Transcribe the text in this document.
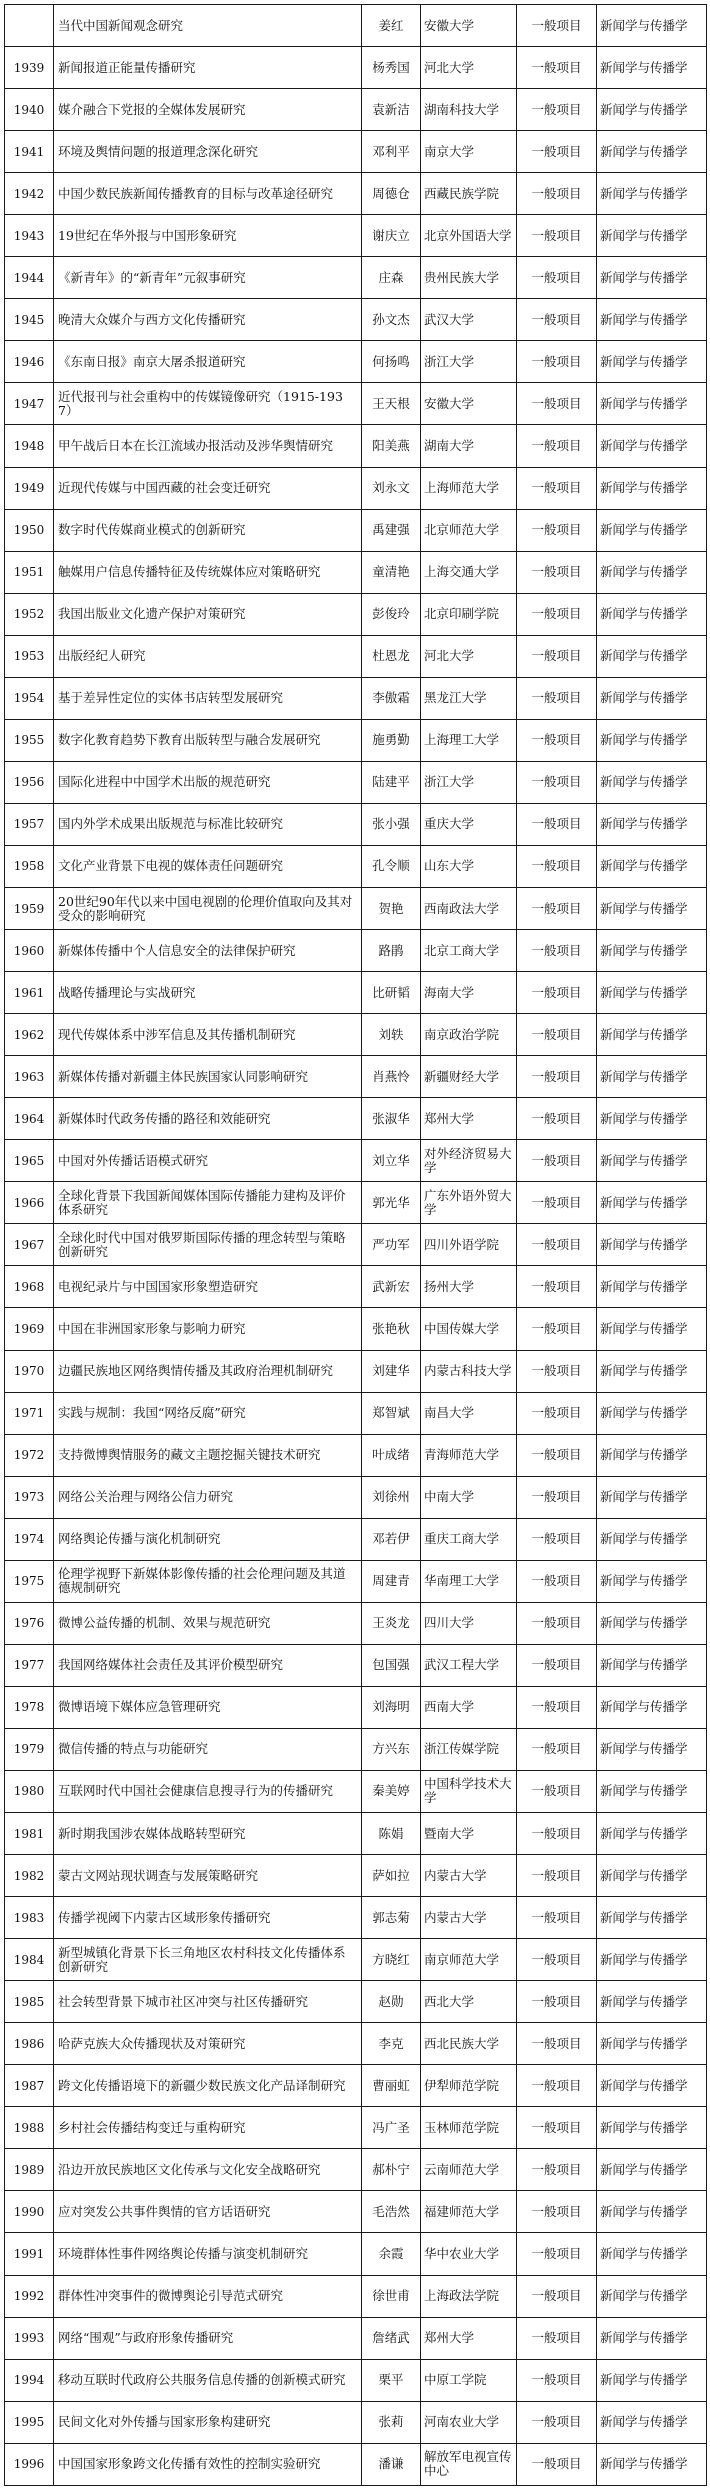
	当代中国新闻观念研究	姜红	安徽大学	一般项目	新闻学与传播学
1939	新闻报道正能量传播研究	杨秀国	河北大学	一般项目	新闻学与传播学
1940	媒介融合下党报的全媒体发展研究	袁新洁	湖南科技大学	一般项目	新闻学与传播学
1941	环境及舆情问题的报道理念深化研究	邓利平	南京大学	一般项目	新闻学与传播学
1942	中国少数民族新闻传播教育的目标与改革途径研究	周德仓	西藏民族学院	一般项目	新闻学与传播学
1943	19世纪在华外报与中国形象研究	谢庆立	北京外国语大学	一般项目	新闻学与传播学
1944	《新青年》的“新青年”元叙事研究	庄森	贵州民族大学	一般项目	新闻学与传播学
1945	晚清大众媒介与西方文化传播研究	孙文杰	武汉大学	一般项目	新闻学与传播学
1946	《东南日报》南京大屠杀报道研究	何扬鸣	浙江大学	一般项目	新闻学与传播学
1947	近代报刊与社会重构中的传媒镜像研究（1915-1937）	王天根	安徽大学	一般项目	新闻学与传播学
1948	甲午战后日本在长江流域办报活动及涉华舆情研究	阳美燕	湖南大学	一般项目	新闻学与传播学
1949	近现代传媒与中国西藏的社会变迁研究	刘永文	上海师范大学	一般项目	新闻学与传播学
1950	数字时代传媒商业模式的创新研究	禹建强	北京师范大学	一般项目	新闻学与传播学
1951	触媒用户信息传播特征及传统媒体应对策略研究	童清艳	上海交通大学	一般项目	新闻学与传播学
1952	我国出版业文化遗产保护对策研究	彭俊玲	北京印刷学院	一般项目	新闻学与传播学
1953	出版经纪人研究	杜恩龙	河北大学	一般项目	新闻学与传播学
1954	基于差异性定位的实体书店转型发展研究	李傲霜	黑龙江大学	一般项目	新闻学与传播学
1955	数字化教育趋势下教育出版转型与融合发展研究	施勇勤	上海理工大学	一般项目	新闻学与传播学
1956	国际化进程中中国学术出版的规范研究	陆建平	浙江大学	一般项目	新闻学与传播学
1957	国内外学术成果出版规范与标准比较研究	张小强	重庆大学	一般项目	新闻学与传播学
1958	文化产业背景下电视的媒体责任问题研究	孔令顺	山东大学	一般项目	新闻学与传播学
1959	20世纪90年代以来中国电视剧的伦理价值取向及其对受众的影响研究	贺艳	西南政法大学	一般项目	新闻学与传播学
1960	新媒体传播中个人信息安全的法律保护研究	路鹃	北京工商大学	一般项目	新闻学与传播学
1961	战略传播理论与实战研究	比研韬	海南大学	一般项目	新闻学与传播学
1962	现代传媒体系中涉军信息及其传播机制研究	刘轶	南京政治学院	一般项目	新闻学与传播学
1963	新媒体传播对新疆主体民族国家认同影响研究	肖燕怜	新疆财经大学	一般项目	新闻学与传播学
1964	新媒体时代政务传播的路径和效能研究	张淑华	郑州大学	一般项目	新闻学与传播学
1965	中国对外传播话语模式研究	刘立华	对外经济贸易大学	一般项目	新闻学与传播学
1966	全球化背景下我国新闻媒体国际传播能力建构及评价体系研究	郭光华	广东外语外贸大学	一般项目	新闻学与传播学
1967	全球化时代中国对俄罗斯国际传播的理念转型与策略创新研究	严功军	四川外语学院	一般项目	新闻学与传播学
1968	电视纪录片与中国国家形象塑造研究	武新宏	扬州大学	一般项目	新闻学与传播学
1969	中国在非洲国家形象与影响力研究	张艳秋	中国传媒大学	一般项目	新闻学与传播学
1970	边疆民族地区网络舆情传播及其政府治理机制研究	刘建华	内蒙古科技大学	一般项目	新闻学与传播学
1971	实践与规制：我国“网络反腐”研究	郑智斌	南昌大学	一般项目	新闻学与传播学
1972	支持微博舆情服务的藏文主题挖掘关键技术研究	叶成绪	青海师范大学	一般项目	新闻学与传播学
1973	网络公关治理与网络公信力研究	刘徐州	中南大学	一般项目	新闻学与传播学
1974	网络舆论传播与演化机制研究	邓若伊	重庆工商大学	一般项目	新闻学与传播学
1975	伦理学视野下新媒体影像传播的社会伦理问题及其道德规制研究	周建青	华南理工大学	一般项目	新闻学与传播学
1976	微博公益传播的机制、效果与规范研究	王炎龙	四川大学	一般项目	新闻学与传播学
1977	我国网络媒体社会责任及其评价模型研究	包国强	武汉工程大学	一般项目	新闻学与传播学
1978	微博语境下媒体应急管理研究	刘海明	西南大学	一般项目	新闻学与传播学
1979	微信传播的特点与功能研究	方兴东	浙江传媒学院	一般项目	新闻学与传播学
1980	互联网时代中国社会健康信息搜寻行为的传播研究	秦美婷	中国科学技术大学	一般项目	新闻学与传播学
1981	新时期我国涉农媒体战略转型研究	陈娟	暨南大学	一般项目	新闻学与传播学
1982	蒙古文网站现状调查与发展策略研究	萨如拉	内蒙古大学	一般项目	新闻学与传播学
1983	传播学视阈下内蒙古区域形象传播研究	郭志菊	内蒙古大学	一般项目	新闻学与传播学
1984	新型城镇化背景下长三角地区农村科技文化传播体系创新研究	方晓红	南京师范大学	一般项目	新闻学与传播学
1985	社会转型背景下城市社区冲突与社区传播研究	赵勋	西北大学	一般项目	新闻学与传播学
1986	哈萨克族大众传播现状及对策研究	李克	西北民族大学	一般项目	新闻学与传播学
1987	跨文化传播语境下的新疆少数民族文化产品译制研究	曹丽虹	伊犁师范学院	一般项目	新闻学与传播学
1988	乡村社会传播结构变迁与重构研究	冯广圣	玉林师范学院	一般项目	新闻学与传播学
1989	沿边开放民族地区文化传承与文化安全战略研究	郝朴宁	云南师范大学	一般项目	新闻学与传播学
1990	应对突发公共事件舆情的官方话语研究	毛浩然	福建师范大学	一般项目	新闻学与传播学
1991	环境群体性事件网络舆论传播与演变机制研究	余霞	华中农业大学	一般项目	新闻学与传播学
1992	群体性冲突事件的微博舆论引导范式研究	徐世甫	上海政法学院	一般项目	新闻学与传播学
1993	网络“围观”与政府形象传播研究	詹绪武	郑州大学	一般项目	新闻学与传播学
1994	移动互联时代政府公共服务信息传播的创新模式研究	栗平	中原工学院	一般项目	新闻学与传播学
1995	民间文化对外传播与国家形象构建研究	张莉	河南农业大学	一般项目	新闻学与传播学
1996	中国国家形象跨文化传播有效性的控制实验研究	潘谦	解放军电视宣传中心	一般项目	新闻学与传播学
